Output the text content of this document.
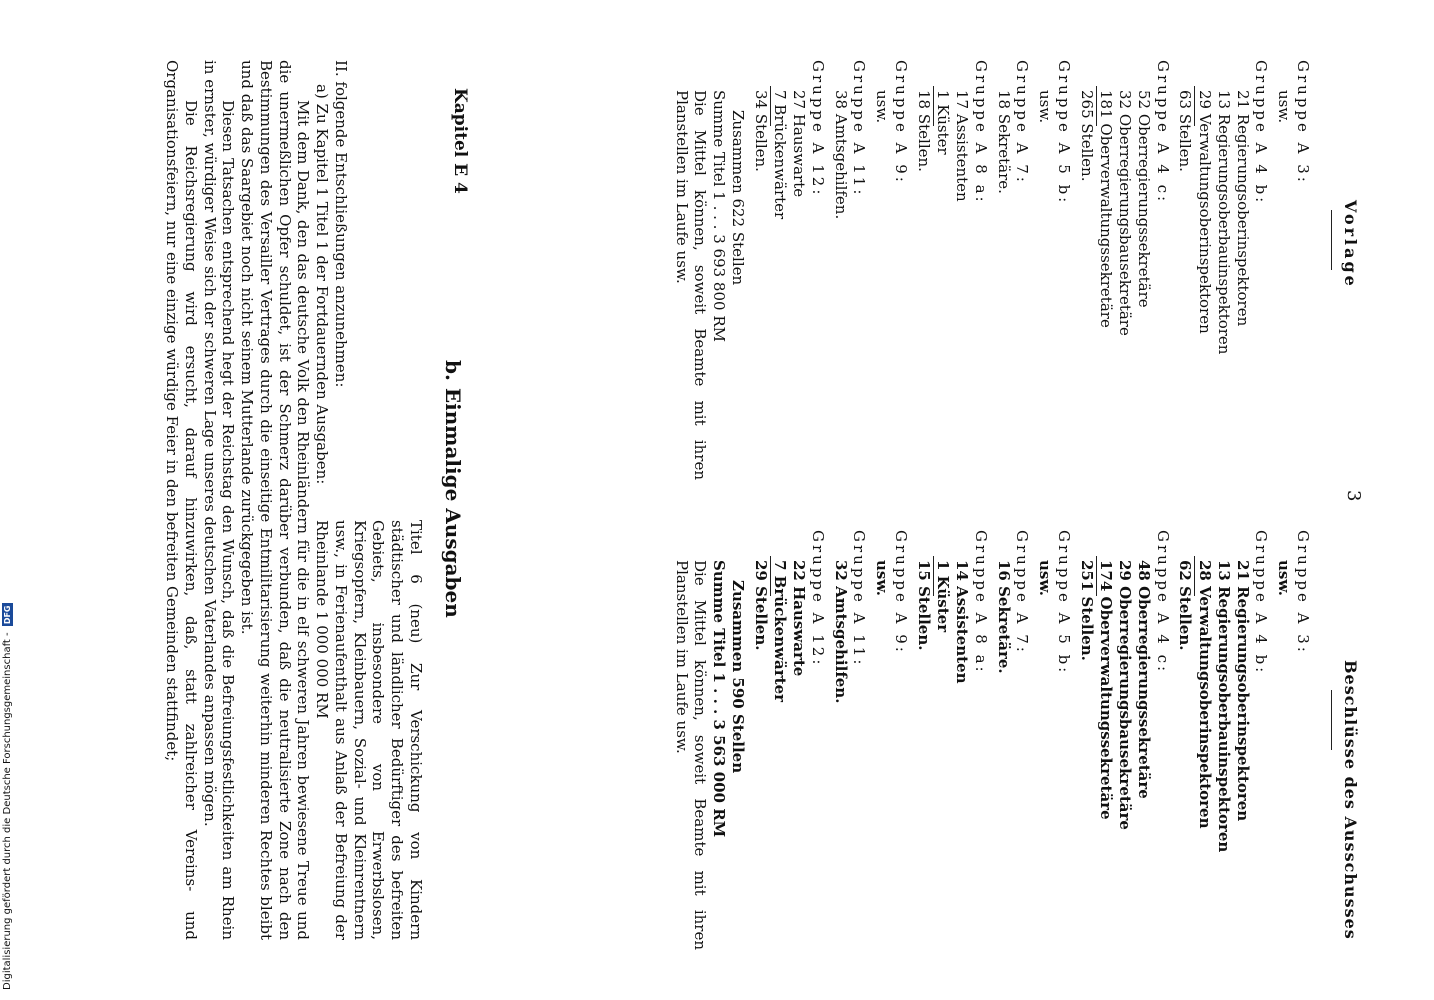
Vorlage
3
Beschlüsse des Ausschusses
Gruppe A 3:
usw.
Gruppe A 4 b:
21 Regierungsoberinspektoren
13 Regierungsoberbauinspektoren
29 Verwaltungsoberinspektoren
63 Stellen.
Gruppe A 4 c:
52 Oberregierungssekretäre
32 Oberregierungsbausekretäre
181 Oberverwaltungssekretäre
265 Stellen.
Gruppe A 5 b:
usw.
Gruppe A 7:
18 Sekretäre.
Gruppe A 8 a:
17 Assistenten
1 Küster
18 Stellen.
Gruppe A 9:
usw.
Gruppe A 11:
38 Amtsgehilfen.
Gruppe A 12:
27 Hauswarte
7 Brückenwärter
34 Stellen.
Zusammen 622 Stellen
Summe Titel 1 . . . 3 693 800 RM
Die Mittel können, soweit Beamte mit ihren Planstellen im Laufe usw.
Gruppe A 3:
usw.
Gruppe A 4 b:
21 Regierungsoberinspektoren
13 Regierungsoberbauinspektoren
28 Verwaltungsoberinspektoren
62 Stellen.
Gruppe A 4 c:
48 Oberregierungssekretäre
29 Oberregierungsbausekretäre
174 Oberverwaltungssekretäre
251 Stellen.
Gruppe A 5 b:
usw.
Gruppe A 7:
16 Sekretäre.
Gruppe A 8 a:
14 Assistenten
1 Küster
15 Stellen.
Gruppe A 9:
usw.
Gruppe A 11:
32 Amtsgehilfen.
Gruppe A 12:
22 Hauswarte
7 Brückenwärter
29 Stellen.
Zusammen 590 Stellen
Summe Titel 1 . . . 3 563 000 RM
Die Mittel können, soweit Beamte mit ihren Planstellen im Laufe usw.
Kapitel E 4
b. Einmalige Ausgaben
Titel 6 (neu) Zur Verschickung von Kindern städtischer und ländlicher Bedürftiger des befreiten Gebiets, insbesondere von Erwerbslosen, Kriegsopfern, Kleinbauern, Sozial- und Kleinrentnern usw., in Ferienaufenthalt aus Anlaß der Befreiung der Rheinlande 1 000 000 RM
II. folgende Entschließungen anzunehmen:
a) Zu Kapitel 1 Titel 1 der Fortdauernden Ausgaben:
Mit dem Dank, den das deutsche Volk den Rheinländern für die in elf schweren Jahren bewiesene Treue und die unermeßlichen Opfer schuldet, ist der Schmerz darüber verbunden, daß die neutralisierte Zone nach den Bestimmungen des Versailler Vertrages durch die einseitige Entmilitarisierung weiterhin minderen Rechtes bleibt und daß das Saargebiet noch nicht seinem Mutterlande zurückgegeben ist.
Diesen Tatsachen entsprechend hegt der Reichstag den Wunsch, daß die Befreiungsfestlichkeiten am Rhein in ernster, würdiger Weise sich der schweren Lage unseres deutschen Vaterlandes anpassen mögen.
Die Reichsregierung wird ersucht, darauf hinzuwirken, daß, statt zahlreicher Vereins- und Organisationsfeiern, nur eine einzige würdige Feier in den befreiten Gemeinden stattfindet;
Digitalisierung gefördert durch die Deutsche Forschungsgemeinschaft - DFG
